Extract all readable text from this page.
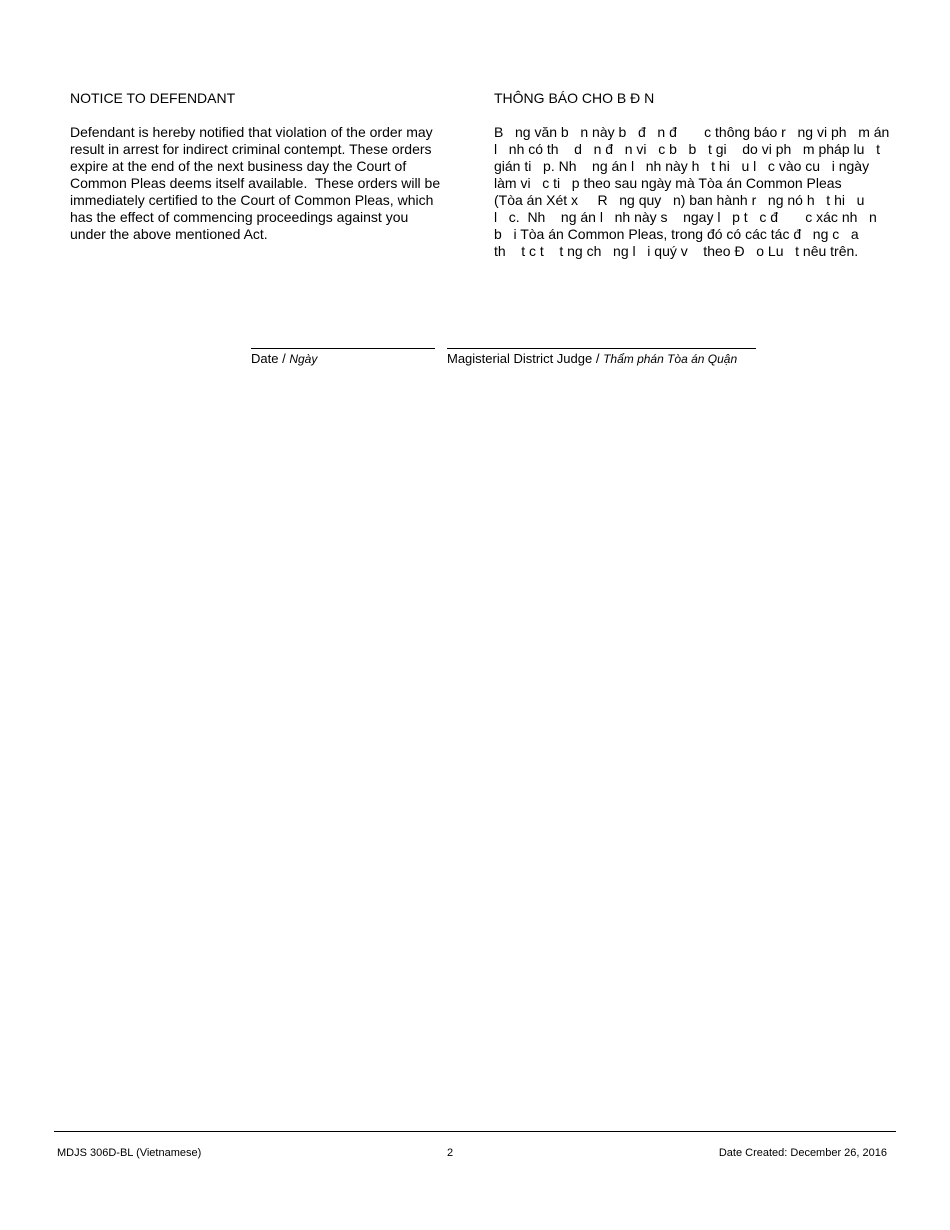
NOTICE TO DEFENDANT

Defendant is hereby notified that violation of the order may
result in arrest for indirect criminal contempt. These orders
expire at the end of the next business day the Court of
Common Pleas deems itself available.  These orders will be
immediately certified to the Court of Common Pleas, which
has the effect of commencing proceedings against you
under the above mentioned Act.

THÔNG BÁO CHO B Đ N

B   ng văn b   n này b   đ   n đ       c thông báo r   ng vi ph   m án
l   nh có th    d   n đ   n vi   c b   b   t gi    do vi ph   m pháp lu   t
gián ti   p. Nh    ng án l   nh này h   t hi   u l   c vào cu   i ngày
làm vi   c ti   p theo sau ngày mà Tòa án Common Pleas
(Tòa án Xét x     R   ng quy   n) ban hành r   ng nó h   t hi   u
l   c.  Nh    ng án l   nh này s    ngay l   p t   c đ       c xác nh   n
b   i Tòa án Common Pleas, trong đó có các tác đ   ng c   a
th    t c t    t ng ch   ng l   i quý v    theo Đ   o Lu   t nêu trên.

Date / Ngày	Magisterial District Judge / Thẩm phán Tòa án Quận
MDJS 306D-BL (Vietnamese)	2	Date Created: December 26, 2016
